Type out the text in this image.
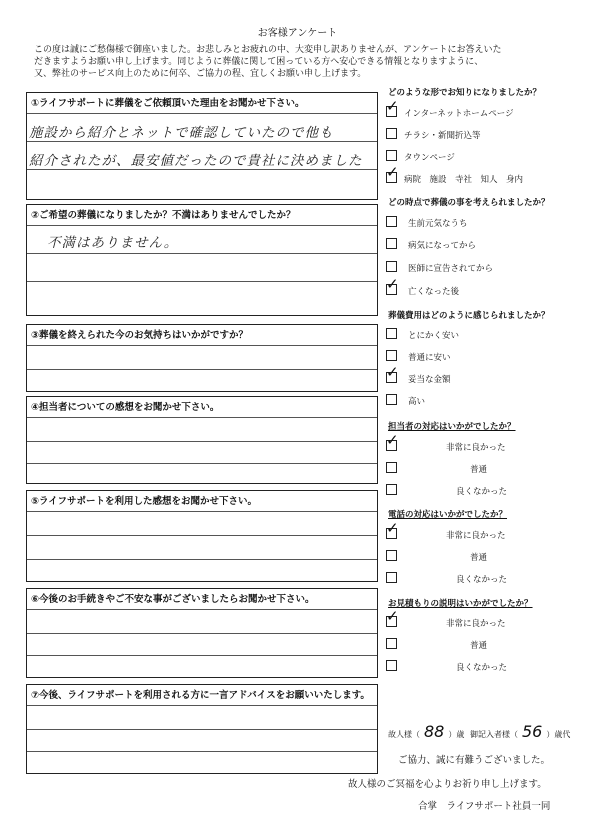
お客様アンケート
この度は誠にご愁傷様で御座いました。お悲しみとお疲れの中、大変申し訳ありませんが、アンケートにお答えいた
だきますようお願い申し上げます。同じように葬儀に関して困っている方へ安心できる情報となりますように、
又、弊社のサービス向上のために何卒、ご協力の程、宜しくお願い申し上げます。
①ライフサポートに葬儀をご依頼頂いた理由をお聞かせ下さい。
施設から紹介とネットで確認していたので他も
紹介されたが、最安値だったので貴社に決めました
②ご希望の葬儀になりましたか？不満はありませんでしたか？
不満はありません。
③葬儀を終えられた今のお気持ちはいかがですか？
④担当者についての感想をお聞かせ下さい。
⑤ライフサポートを利用した感想をお聞かせ下さい。
⑥今後のお手続きやご不安な事がございましたらお聞かせ下さい。
⑦今後、ライフサポートを利用される方に一言アドバイスをお願いいたします。
どのような形でお知りになりましたか？
✓ インターネットホームページ
チラシ・新聞折込等
タウンページ
✓ 病院　施設　寺社　知人　身内
どの時点で葬儀の事を考えられましたか？
生前元気なうち
病気になってから
医師に宣告されてから
✓ 亡くなった後
葬儀費用はどのように感じられましたか？
とにかく安い
普通に安い
✓ 妥当な金額
高い
担当者の対応はいかがでしたか？
✓	非常に良かった
普通
良くなかった
電話の対応はいかがでしたか？
✓	非常に良かった
普通
良くなかった
お見積もりの説明はいかがでしたか？
✓	非常に良かった
普通
良くなかった
故人様（ 88 ）歳 御記入者様（ 56 ）歳代
ご協力、誠に有難うございました。
故人様のご冥福を心よりお祈り申し上げます。
合掌　ライフサポート社員一同
